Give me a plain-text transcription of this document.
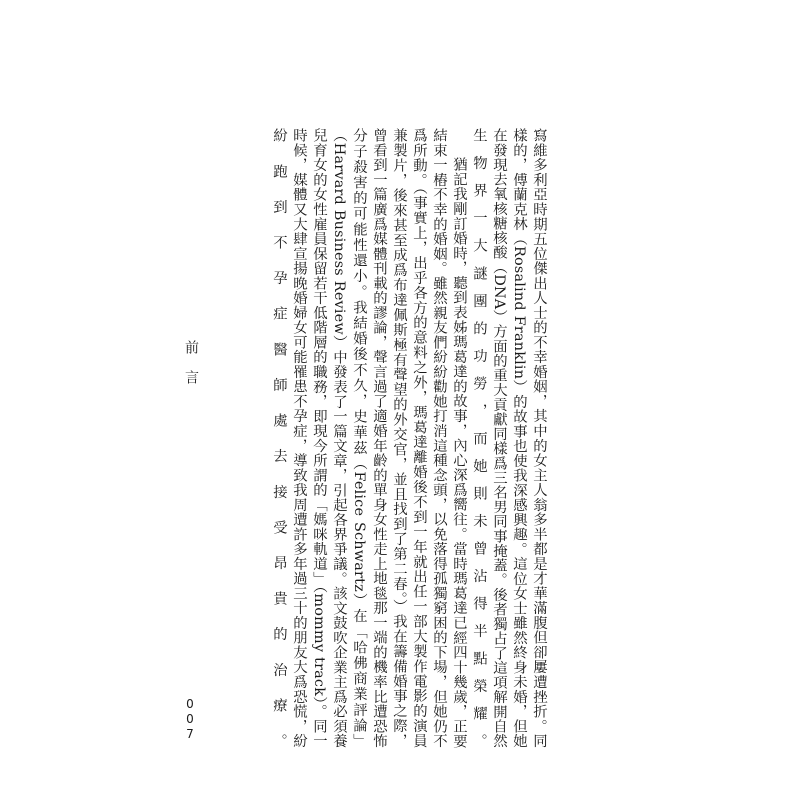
寫維多利亞時期五位傑出人士的不幸婚姻，其中的女主人翁多半都是才華滿腹但卻屢遭挫折。同樣的，傅蘭克林（Rosalind Franklin）的故事也使我深感興趣。這位女士雖然終身未婚，但她在發現去氧核糖核酸（DNA）方面的重大貢獻同樣爲三名男同事掩蓋。後者獨占了這項解開自然生物界一大謎團的功勞，而她則未曾沾得半點榮耀。

猶記我剛訂婚時，聽到表姊瑪葛達的故事，內心深爲嚮往。當時瑪葛達已經四十幾歲，正要結束一樁不幸的婚姻。雖然親友們紛紛勸她打消這種念頭，以免落得孤獨窮困的下場，但她仍不爲所動。（事實上，出乎各方的意料之外，瑪葛達離婚後不到一年就出任一部大製作電影的演員兼製片，後來甚至成爲布達佩斯極有聲望的外交官，並且找到了第二春。）我在籌備婚事之際，曾看到一篇廣爲媒體刊載的謬論，聲言過了適婚年齡的單身女性走上地毯那一端的機率比遭恐怖分子殺害的可能性還小。我結婚後不久，史華茲（Felice Schwartz）在「哈佛商業評論」（Harvard Business Review）中發表了一篇文章，引起各界爭議。該文鼓吹企業主爲必須養兒育女的女性雇員保留若干低階層的職務，即現今所謂的「媽咪軌道」（mommy track）。同一時候，媒體又大肆宣揚晚婚婦女可能罹患不孕症，導致我周遭許多年過三十的朋友大爲恐慌，紛紛跑到不孕症醫師處去接受昂貴的治療。

前言
007
